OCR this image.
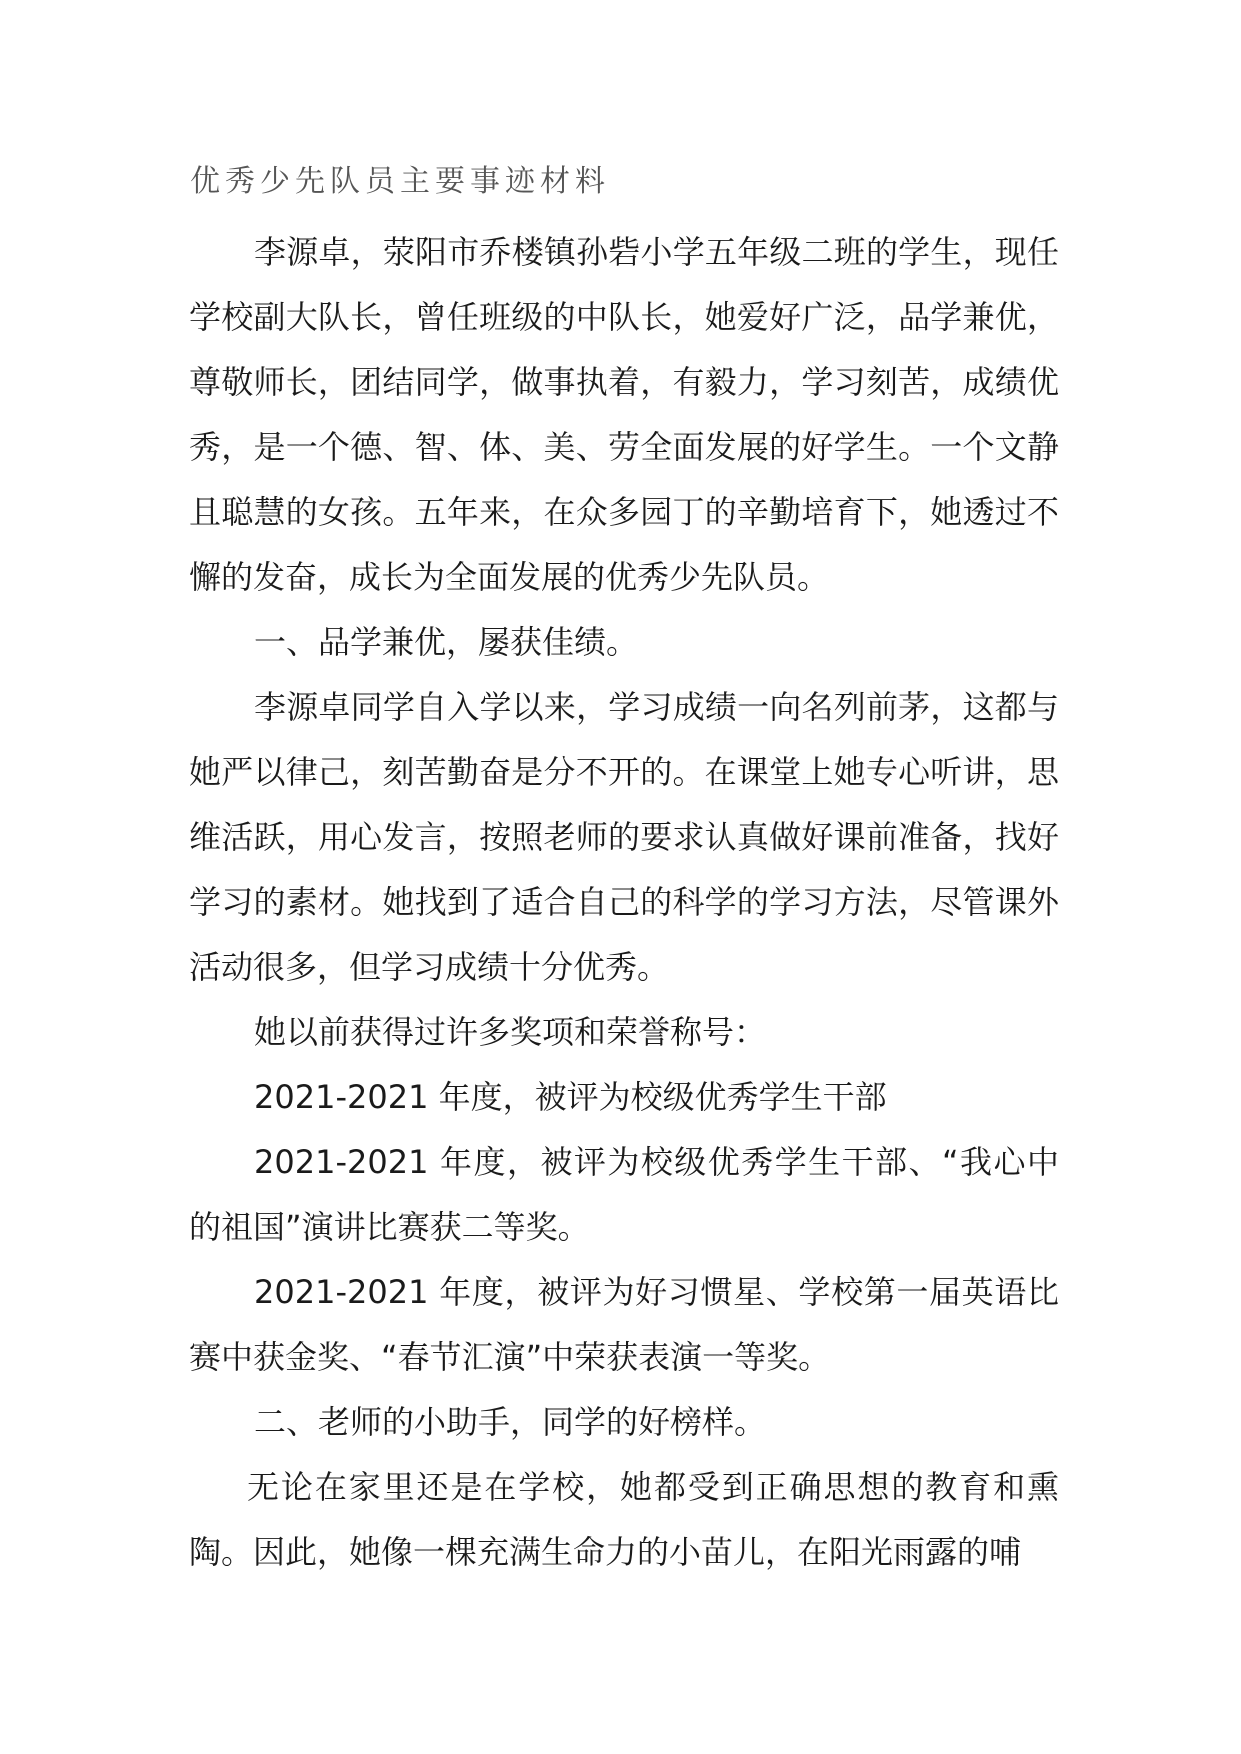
优秀少先队员主要事迹材料

李源卓，荥阳市乔楼镇孙砦小学五年级二班的学生，现任学校副大队长，曾任班级的中队长，她爱好广泛，品学兼优，尊敬师长，团结同学，做事执着，有毅力，学习刻苦，成绩优秀，是一个德、智、体、美、劳全面发展的好学生。一个文静且聪慧的女孩。五年来，在众多园丁的辛勤培育下，她透过不懈的发奋，成长为全面发展的优秀少先队员。

一、品学兼优，屡获佳绩。

李源卓同学自入学以来，学习成绩一向名列前茅，这都与她严以律己，刻苦勤奋是分不开的。在课堂上她专心听讲，思维活跃，用心发言，按照老师的要求认真做好课前准备，找好学习的素材。她找到了适合自己的科学的学习方法，尽管课外活动很多，但学习成绩十分优秀。

她以前获得过许多奖项和荣誉称号：

2021-2021 年度，被评为校级优秀学生干部

2021-2021 年度，被评为校级优秀学生干部、“我心中的祖国”演讲比赛获二等奖。

2021-2021 年度，被评为好习惯星、学校第一届英语比赛中获金奖、“春节汇演”中荣获表演一等奖。

二、老师的小助手，同学的好榜样。

无论在家里还是在学校，她都受到正确思想的教育和熏陶。因此，她像一棵充满生命力的小苗儿，在阳光雨露的哺
